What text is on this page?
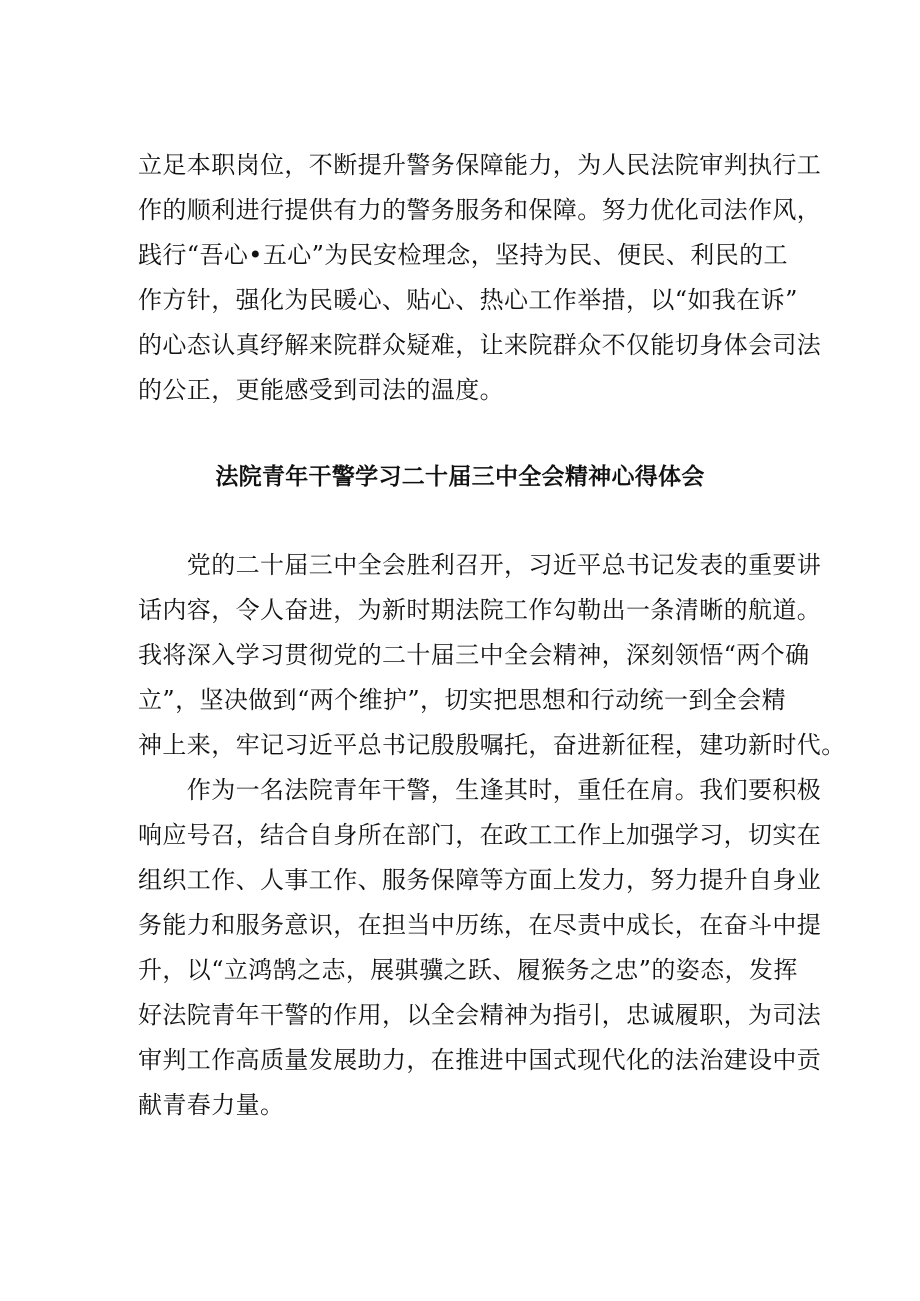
立足本职岗位，不断提升警务保障能力，为人民法院审判执行工
作的顺利进行提供有力的警务服务和保障。努力优化司法作风，
践行“吾心•五心”为民安检理念，坚持为民、便民、利民的工
作方针，强化为民暖心、贴心、热心工作举措，以“如我在诉”
的心态认真纾解来院群众疑难，让来院群众不仅能切身体会司法
的公正，更能感受到司法的温度。
法院青年干警学习二十届三中全会精神心得体会
　　党的二十届三中全会胜利召开，习近平总书记发表的重要讲
话内容，令人奋进，为新时期法院工作勾勒出一条清晰的航道。
我将深入学习贯彻党的二十届三中全会精神，深刻领悟“两个确
立”，坚决做到“两个维护”，切实把思想和行动统一到全会精
神上来，牢记习近平总书记殷殷嘱托，奋进新征程，建功新时代。
　　作为一名法院青年干警，生逢其时，重任在肩。我们要积极
响应号召，结合自身所在部门，在政工工作上加强学习，切实在
组织工作、人事工作、服务保障等方面上发力，努力提升自身业
务能力和服务意识，在担当中历练，在尽责中成长，在奋斗中提
升，以“立鸿鹄之志，展骐骥之跃、履猴务之忠”的姿态，发挥
好法院青年干警的作用，以全会精神为指引，忠诚履职，为司法
审判工作高质量发展助力，在推进中国式现代化的法治建设中贡
献青春力量。
